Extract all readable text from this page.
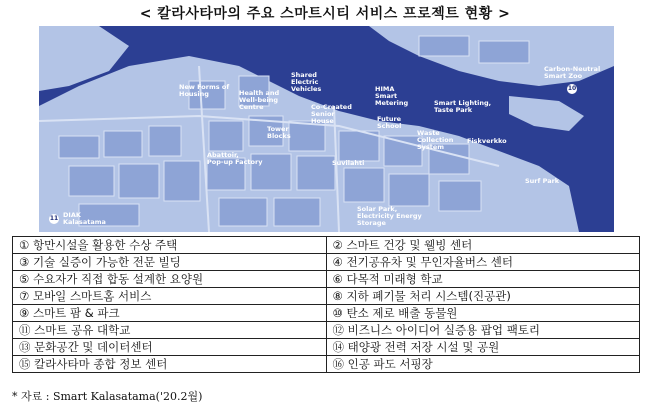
< 칼라사타마의 주요 스마트시티 서비스 프로젝트 현황 >
New Forms of
Housing	Health and
Well-being
Centre
Shared
Electric
Vehicles	HIMA
Smart
Metering
Co-Created
Senior
House
Smart Lighting,
Taste Park
Carbon-Neutral
Smart Zoo
10
Future
School
Tower
Blocks	Waste
Collection
System
Fiskverkko
Abattoir,
Pop-up Factory	Suvilahti
Surf Park
DIAK
Kalasatama
11
Solar Park,
Electricity Energy
Storage
① 항만시설을 활용한 수상 주택	② 스마트 건강 및 웰빙 센터
③ 기술 실증이 가능한 전문 빌딩	④ 전기공유차 및 무인자율버스 센터
⑤ 수요자가 직접 합동 설계한 요양원	⑥ 다목적 미래형 학교
⑦ 모바일 스마트홈 서비스	⑧ 지하 폐기물 처리 시스템(진공관)
⑨ 스마트 팜 & 파크	⑩ 탄소 제로 배출 동물원
⑪ 스마트 공유 대학교	⑫ 비즈니스 아이디어 실증용 팝업 팩토리
⑬ 문화공간 및 데이터센터	⑭ 태양광 전력 저장 시설 및 공원
⑮ 칼라사타마 종합 정보 센터	⑯ 인공 파도 서핑장
* 자료 : Smart Kalasatama('20.2월)
